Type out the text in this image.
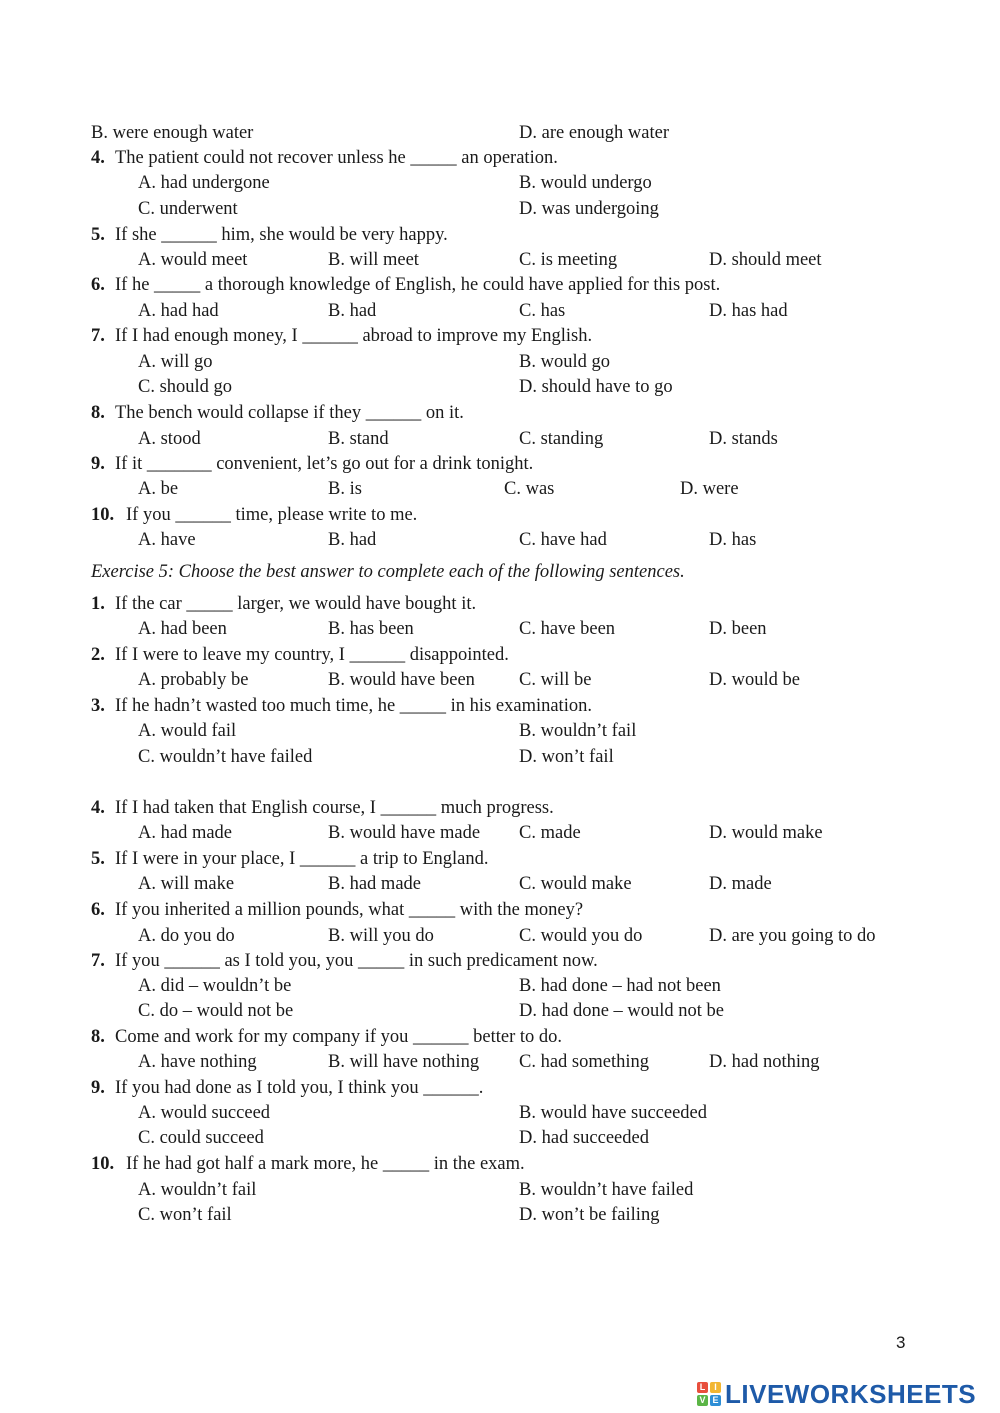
B. were enough water	D. are enough water
4. The patient could not recover unless he _____ an operation.
A. had undergone	B. would undergo
C. underwent	D. was undergoing
5. If she ______ him, she would be very happy.
A. would meet	B. will meet	C. is meeting	D. should meet
6. If he _____ a thorough knowledge of English, he could have applied for this post.
A. had had	B. had	C. has	D. has had
7. If I had enough money, I ______ abroad to improve my English.
A. will go	B. would go
C. should go	D. should have to go
8. The bench would collapse if they ______ on it.
A. stood	B. stand	C. standing	D. stands
9. If it _______ convenient, let’s go out for a drink tonight.
A. be	B. is	C. was	D. were
10. If you ______ time, please write to me.
A. have	B. had	C. have had	D. has
Exercise 5: Choose the best answer to complete each of the following sentences.
1. If the car _____ larger, we would have bought it.
A. had been	B. has been	C. have been	D. been
2. If I were to leave my country, I ______ disappointed.
A. probably be	B. would have been C. will be	D. would be
3. If he hadn’t wasted too much time, he _____ in his examination.
A. would fail	B. wouldn’t fail
C. wouldn’t have failed	D. won’t fail
4. If I had taken that English course, I ______ much progress.
A. had made	B. would have made C. made	D. would make
5. If I were in your place, I ______ a trip to England.
A. will make	B. had made	C. would make	D. made
6. If you inherited a million pounds, what _____ with the money?
A. do you do	B. will you do	C. would you do	D. are you going to do
7. If you ______ as I told you, you _____ in such predicament now.
A. did – wouldn’t be	B. had done – had not been
C. do – would not be	D. had done – would not be
8. Come and work for my company if you ______ better to do.
A. have nothing	B. will have nothing C. had something	D. had nothing
9. If you had done as I told you, I think you ______.
A. would succeed	B. would have succeeded
C. could succeed	D. had succeeded
10. If he had got half a mark more, he _____ in the exam.
A. wouldn’t fail	B. wouldn’t have failed
C. won’t fail	D. won’t be failing
3
L I
V E LIVEWORKSHEETS
